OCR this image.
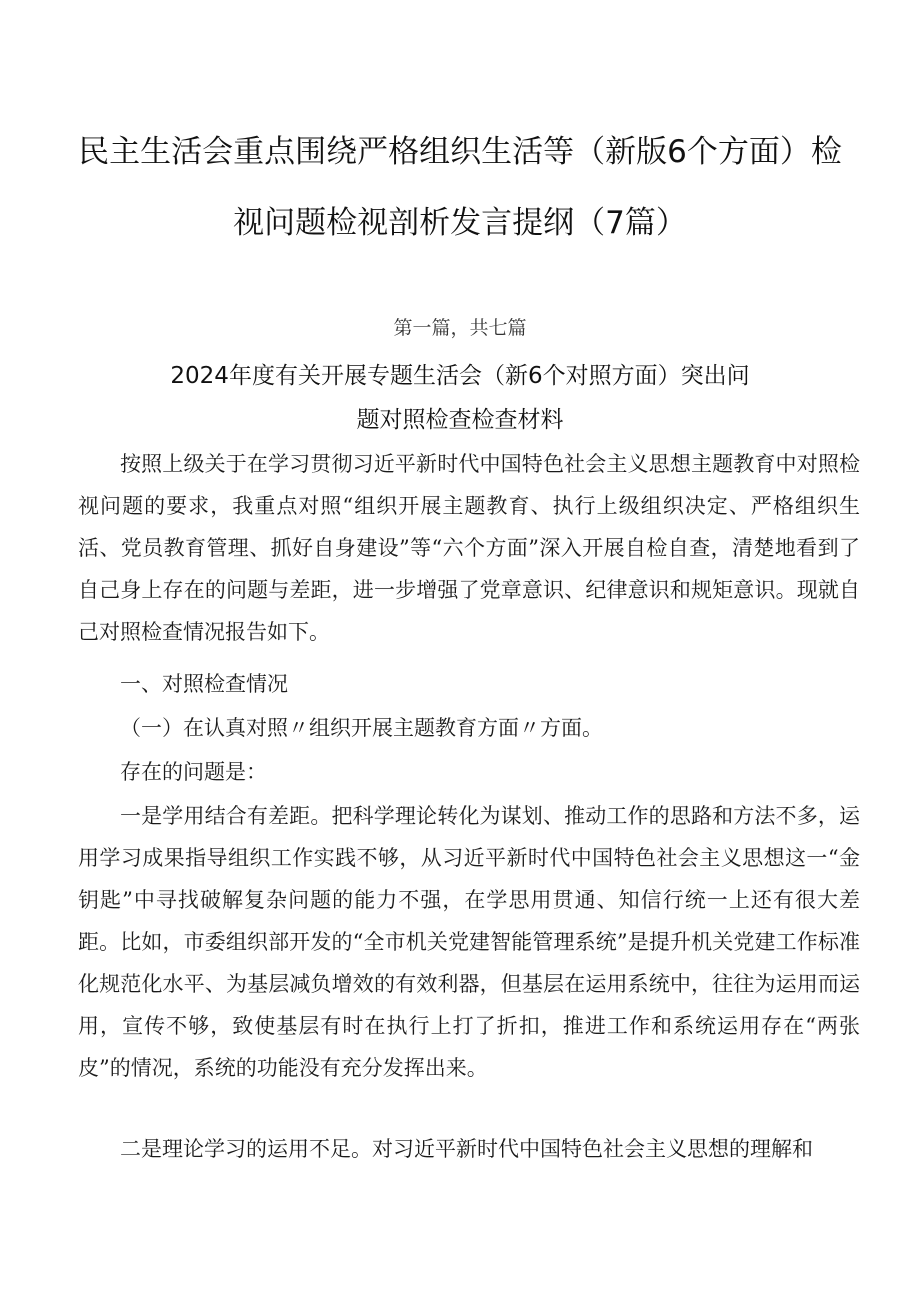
民主生活会重点围绕严格组织生活等（新版6个方面）检
视问题检视剖析发言提纲（7篇）
第一篇，共七篇
2024年度有关开展专题生活会（新6个对照方面）突出问
题对照检查检查材料

按照上级关于在学习贯彻习近平新时代中国特色社会主义思想主题教育中对照检视问题的要求，我重点对照“组织开展主题教育、执行上级组织决定、严格组织生活、党员教育管理、抓好自身建设”等“六个方面”深入开展自检自查，清楚地看到了自己身上存在的问题与差距，进一步增强了党章意识、纪律意识和规矩意识。现就自己对照检查情况报告如下。

一、对照检查情况
（一）在认真对照〃组织开展主题教育方面〃方面。
存在的问题是：

一是学用结合有差距。把科学理论转化为谋划、推动工作的思路和方法不多，运用学习成果指导组织工作实践不够，从习近平新时代中国特色社会主义思想这一“金钥匙”中寻找破解复杂问题的能力不强，在学思用贯通、知信行统一上还有很大差距。比如，市委组织部开发的“全市机关党建智能管理系统”是提升机关党建工作标准化规范化水平、为基层减负增效的有效利器，但基层在运用系统中，往往为运用而运用，宣传不够，致使基层有时在执行上打了折扣，推进工作和系统运用存在“两张皮”的情况，系统的功能没有充分发挥出来。

二是理论学习的运用不足。对习近平新时代中国特色社会主义思想的理解和
